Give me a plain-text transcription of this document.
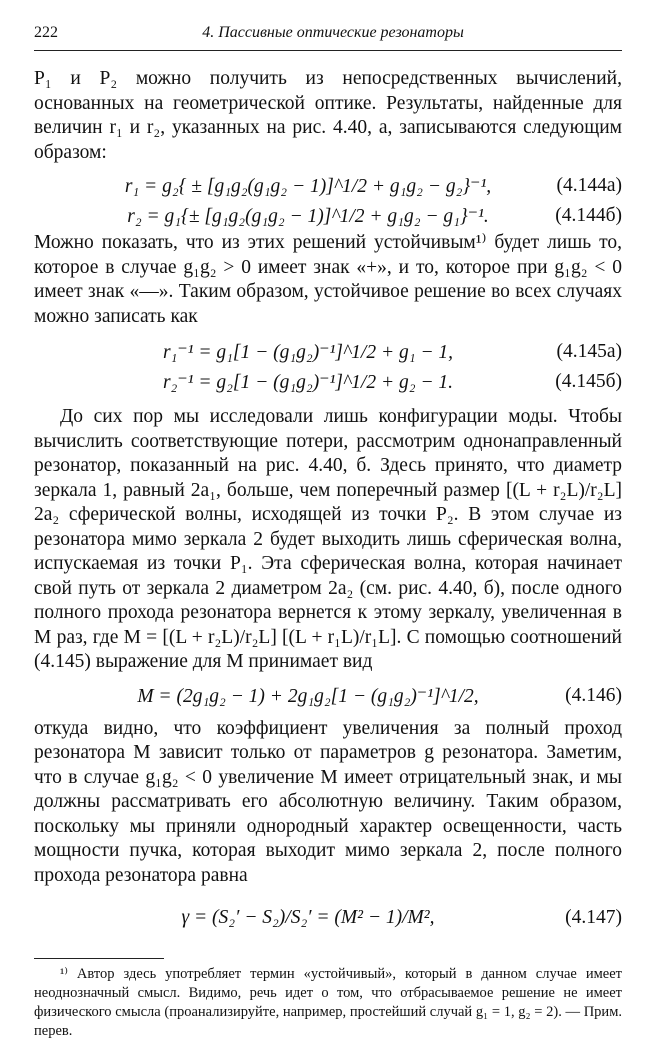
222	4. Пассивные оптические резонаторы

P₁ и P₂ можно получить из непосредственных вычислений, основанных на геометрической оптике. Результаты, найденные для величин r₁ и r₂, указанных на рис. 4.40, а, записываются следующим образом:

r₁ = g₂{ ± [g₁g₂(g₁g₂ − 1)]^1/2 + g₁g₂ − g₂}⁻¹,	(4.144а)
r₂ = g₁{± [g₁g₂(g₁g₂ − 1)]^1/2 + g₁g₂ − g₁}⁻¹.	(4.144б)

Можно показать, что из этих решений устойчивым¹⁾ будет лишь то, которое в случае g₁g₂ > 0 имеет знак «+», и то, которое при g₁g₂ < 0 имеет знак «—». Таким образом, устойчивое решение во всех случаях можно записать как

r₁⁻¹ = g₁[1 − (g₁g₂)⁻¹]^1/2 + g₁ − 1,	(4.145а)
r₂⁻¹ = g₂[1 − (g₁g₂)⁻¹]^1/2 + g₂ − 1.	(4.145б)

До сих пор мы исследовали лишь конфигурации моды. Чтобы вычислить соответствующие потери, рассмотрим однонаправленный резонатор, показанный на рис. 4.40, б. Здесь принято, что диаметр зеркала 1, равный 2a₁, больше, чем поперечный размер [(L + r₂L)/r₂L] 2a₂ сферической волны, исходящей из точки P₂. В этом случае из резонатора мимо зеркала 2 будет выходить лишь сферическая волна, испускаемая из точки P₁. Эта сферическая волна, которая начинает свой путь от зеркала 2 диаметром 2a₂ (см. рис. 4.40, б), после одного полного прохода резонатора вернется к этому зеркалу, увеличенная в M раз, где M = [(L + r₂L)/r₂L] [(L + r₁L)/r₁L]. С помощью соотношений (4.145) выражение для M принимает вид

M = (2g₁g₂ − 1) + 2g₁g₂[1 − (g₁g₂)⁻¹]^1/2,	(4.146)

откуда видно, что коэффициент увеличения за полный проход резонатора M зависит только от параметров g резонатора. Заметим, что в случае g₁g₂ < 0 увеличение M имеет отрицательный знак, и мы должны рассматривать его абсолютную величину. Таким образом, поскольку мы приняли однородный характер освещенности, часть мощности пучка, которая выходит мимо зеркала 2, после полного прохода резонатора равна

γ = (S₂′ − S₂)/S₂′ = (M² − 1)/M²,	(4.147)

¹⁾ Автор здесь употребляет термин «устойчивый», который в данном случае имеет неоднозначный смысл. Видимо, речь идет о том, что отбрасываемое решение не имеет физического смысла (проанализируйте, например, простейший случай g₁ = 1, g₂ = 2). — Прим. перев.
